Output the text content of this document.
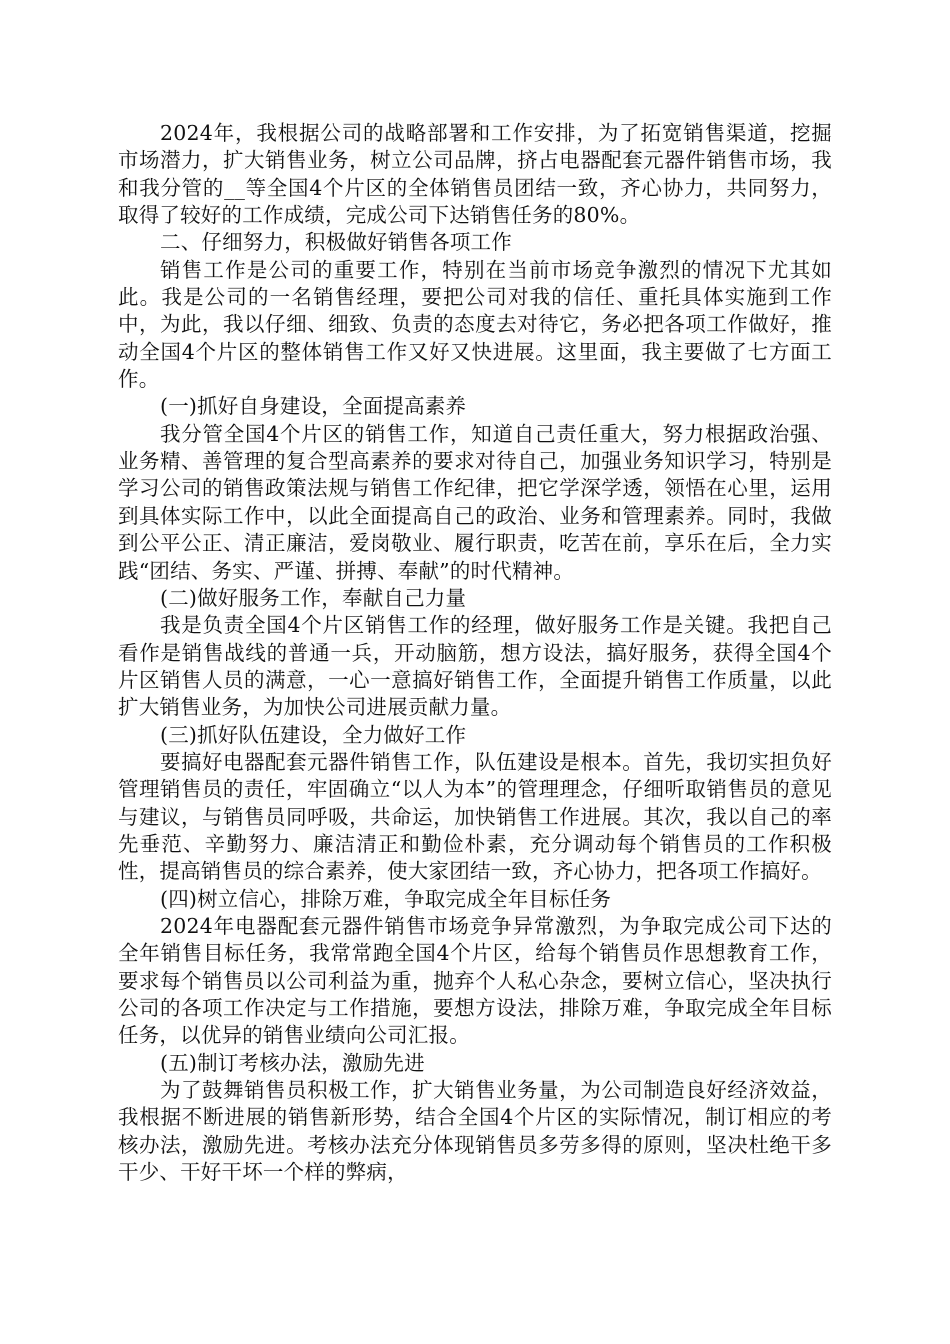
2024年，我根据公司的战略部署和工作安排，为了拓宽销售渠道，挖掘市场潜力，扩大销售业务，树立公司品牌，挤占电器配套元器件销售市场，我和我分管的__等全国4个片区的全体销售员团结一致，齐心协力，共同努力，取得了较好的工作成绩，完成公司下达销售任务的80%。

二、仔细努力，积极做好销售各项工作

销售工作是公司的重要工作，特别在当前市场竞争激烈的情况下尤其如此。我是公司的一名销售经理，要把公司对我的信任、重托具体实施到工作中，为此，我以仔细、细致、负责的态度去对待它，务必把各项工作做好，推动全国4个片区的整体销售工作又好又快进展。这里面，我主要做了七方面工作。

(一)抓好自身建设，全面提高素养

我分管全国4个片区的销售工作，知道自己责任重大，努力根据政治强、业务精、善管理的复合型高素养的要求对待自己，加强业务知识学习，特别是学习公司的销售政策法规与销售工作纪律，把它学深学透，领悟在心里，运用到具体实际工作中，以此全面提高自己的政治、业务和管理素养。同时，我做到公平公正、清正廉洁，爱岗敬业、履行职责，吃苦在前，享乐在后，全力实践“团结、务实、严谨、拼搏、奉献”的时代精神。

(二)做好服务工作，奉献自己力量

我是负责全国4个片区销售工作的经理，做好服务工作是关键。我把自己看作是销售战线的普通一兵，开动脑筋，想方设法，搞好服务，获得全国4个片区销售人员的满意，一心一意搞好销售工作，全面提升销售工作质量，以此扩大销售业务，为加快公司进展贡献力量。

(三)抓好队伍建设，全力做好工作

要搞好电器配套元器件销售工作，队伍建设是根本。首先，我切实担负好管理销售员的责任，牢固确立“以人为本”的管理理念，仔细听取销售员的意见与建议，与销售员同呼吸，共命运，加快销售工作进展。其次，我以自己的率先垂范、辛勤努力、廉洁清正和勤俭朴素，充分调动每个销售员的工作积极性，提高销售员的综合素养，使大家团结一致，齐心协力，把各项工作搞好。

(四)树立信心，排除万难，争取完成全年目标任务

2024年电器配套元器件销售市场竞争异常激烈，为争取完成公司下达的全年销售目标任务，我常常跑全国4个片区，给每个销售员作思想教育工作，要求每个销售员以公司利益为重，抛弃个人私心杂念，要树立信心，坚决执行公司的各项工作决定与工作措施，要想方设法，排除万难，争取完成全年目标任务，以优异的销售业绩向公司汇报。

(五)制订考核办法，激励先进

为了鼓舞销售员积极工作，扩大销售业务量，为公司制造良好经济效益，我根据不断进展的销售新形势，结合全国4个片区的实际情况，制订相应的考核办法，激励先进。考核办法充分体现销售员多劳多得的原则，坚决杜绝干多干少、干好干坏一个样的弊病，
